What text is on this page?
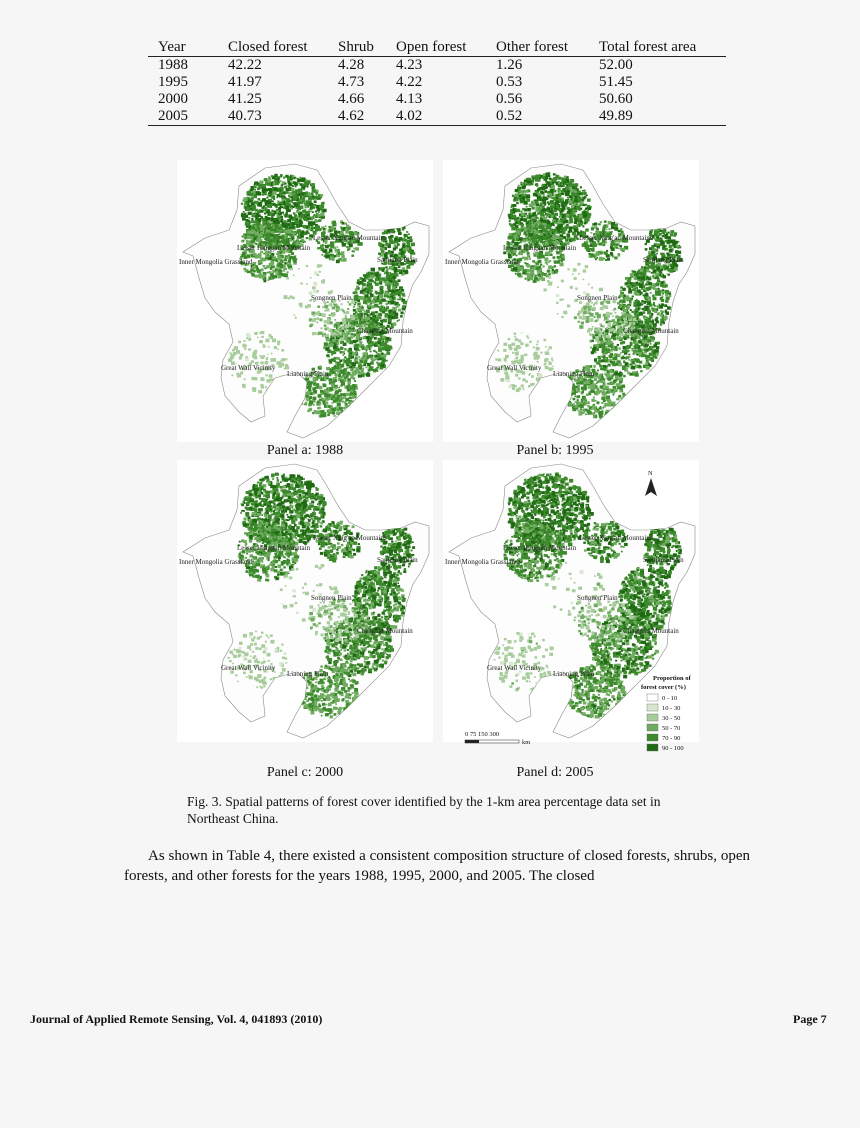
Year	Closed forest	Shrub	Open forest	Other forest	Total forest area
1988	42.22	4.28	4.23	1.26	52.00
1995	41.97	4.73	4.22	0.53	51.45
2000	41.25	4.66	4.13	0.56	50.60
2005	40.73	4.62	4.02	0.52	49.89
Lesser Xing'an Mountains
Lesser Hinggan Mountain
Inner Mongolia Grassland	Sanjiang Plain
Songnen Plain
Changbai Mountain
Great Wall Vicinity
Liaoning Plain
Lesser Xing'an Mountains
Lesser Hinggan Mountain
Inner Mongolia Grassland	Sanjiang Plain
Songnen Plain
Changbai Mountain
Great Wall Vicinity
Liaoning Plain
Lesser Xing'an Mountains
Lesser Hinggan Mountain
Inner Mongolia Grassland	Sanjiang Plain
Songnen Plain
Changbai Mountain
Great Wall Vicinity
Liaoning Plain
Lesser Xing'an Mountains
Lesser Hinggan Mountain
Inner Mongolia Grassland	Sanjiang Plain
Songnen Plain
Changbai Mountain
Great Wall Vicinity
Liaoning Plain
N
Proportion of
forest cover (%)
0 - 10
10 - 30
30 - 50
50 - 70
70 - 90
90 - 100
0 75 150 300
km
Panel a: 1988	Panel b: 1995
Panel c: 2000	Panel d: 2005
Fig. 3. Spatial patterns of forest cover identified by the 1-km area percentage data set in Northeast China.
As shown in Table 4, there existed a consistent composition structure of closed forests, shrubs, open forests, and other forests for the years 1988, 1995, 2000, and 2005. The closed
Journal of Applied Remote Sensing, Vol. 4, 041893 (2010)	Page 7
